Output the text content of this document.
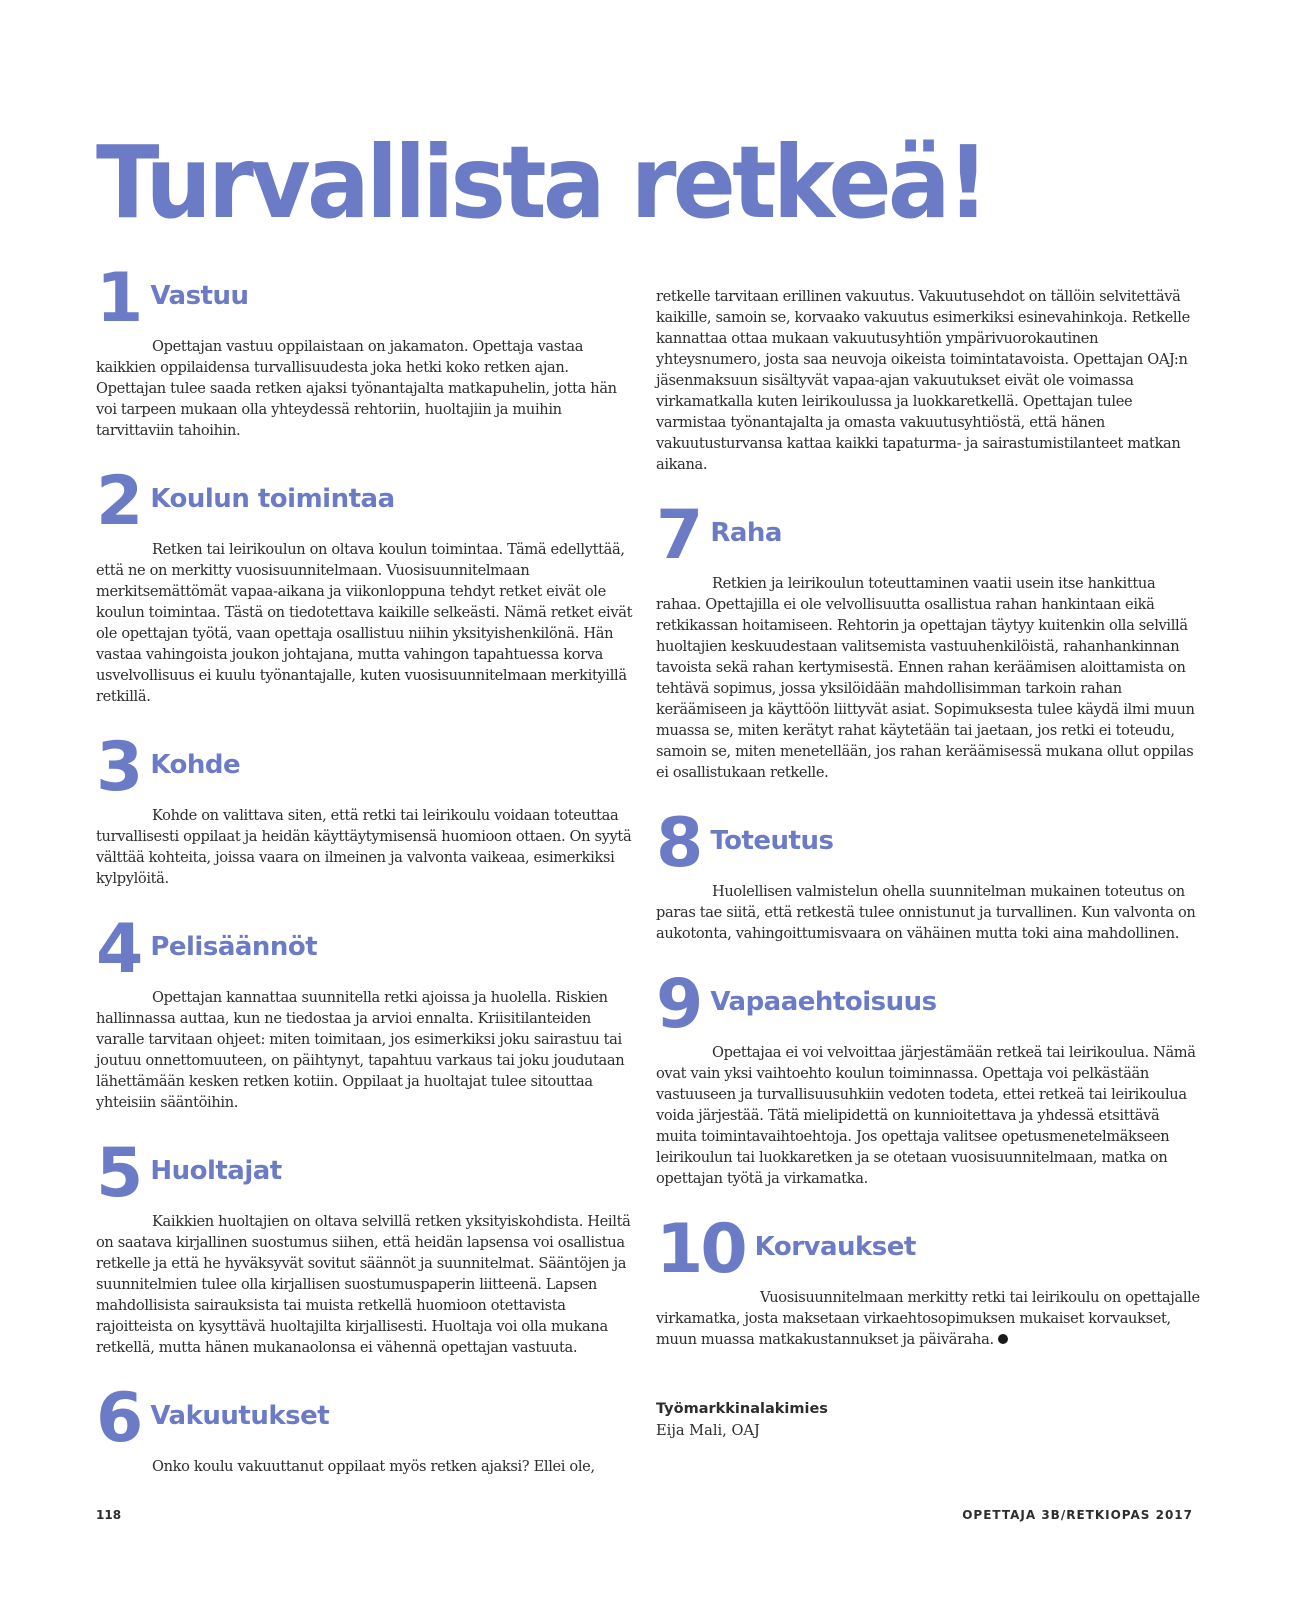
Turvallista retkeä!
1 Vastuu

Opettajan vastuu oppilaistaan on jakamaton. Opettaja vastaa kaikkien oppilaidensa turvallisuudesta joka hetki koko retken ajan. Opettajan tulee saada retken ajaksi työnantajalta matkapuhelin, jotta hän voi tarpeen mukaan olla yhteydessä rehtoriin, huoltajiin ja muihin tarvittaviin tahoihin.

2 Koulun toimintaa

Retken tai leirikoulun on oltava koulun toimintaa. Tämä edellyttää, että ne on merkitty vuosisuunnitelmaan. Vuosisuunnitelmaan merkitsemättömät vapaa-aikana ja viikonloppuna tehdyt retket eivät ole koulun toimintaa. Tästä on tiedotettava kaikille selkeästi. Nämä retket eivät ole opettajan työtä, vaan opettaja osallistuu niihin yksityishenkilönä. Hän vastaa vahingoista joukon johtajana, mutta vahingon tapahtuessa korva usvelvollisuus ei kuulu työnantajalle, kuten vuosisuunnitelmaan merkityillä retkillä.

3 Kohde

Kohde on valittava siten, että retki tai leirikoulu voidaan toteuttaa turvallisesti oppilaat ja heidän käyttäytymisensä huomioon ottaen. On syytä välttää kohteita, joissa vaara on ilmeinen ja valvonta vaikeaa, esimerkiksi kylpylöitä.

4 Pelisäännöt

Opettajan kannattaa suunnitella retki ajoissa ja huolella. Riskien hallinnassa auttaa, kun ne tiedostaa ja arvioi ennalta. Kriisitilanteiden varalle tarvitaan ohjeet: miten toimitaan, jos esimerkiksi joku sairastuu tai joutuu onnettomuuteen, on päihtynyt, tapahtuu varkaus tai joku joudutaan lähettämään kesken retken kotiin. Oppilaat ja huoltajat tulee sitouttaa yhteisiin sääntöihin.

5 Huoltajat

Kaikkien huoltajien on oltava selvillä retken yksityiskohdista. Heiltä on saatava kirjallinen suostumus siihen, että heidän lapsensa voi osallistua retkelle ja että he hyväksyvät sovitut säännöt ja suunnitelmat. Sääntöjen ja suunnitelmien tulee olla kirjallisen suostumuspaperin liitteenä. Lapsen mahdollisista sairauksista tai muista retkellä huomioon otettavista rajoitteista on kysyttävä huoltajilta kirjallisesti. Huoltaja voi olla mukana retkellä, mutta hänen mukanaolonsa ei vähennä opettajan vastuuta.

6 Vakuutukset

Onko koulu vakuuttanut oppilaat myös retken ajaksi? Ellei ole,

retkelle tarvitaan erillinen vakuutus. Vakuutusehdot on tällöin selvitettävä kaikille, samoin se, korvaako vakuutus esimerkiksi esinevahinkoja. Retkelle kannattaa ottaa mukaan vakuutusyhtiön ympärivuorokautinen yhteysnumero, josta saa neuvoja oikeista toimintatavoista. Opettajan OAJ:n jäsenmaksuun sisältyvät vapaa-ajan vakuutukset eivät ole voimassa virkamatkalla kuten leirikoulussa ja luokkaretkellä. Opettajan tulee varmistaa työnantajalta ja omasta vakuutusyhtiöstä, että hänen vakuutusturvansa kattaa kaikki tapaturma- ja sairastumistilanteet matkan aikana.

7 Raha

Retkien ja leirikoulun toteuttaminen vaatii usein itse hankittua rahaa. Opettajilla ei ole velvollisuutta osallistua rahan hankintaan eikä retkikassan hoitamiseen. Rehtorin ja opettajan täytyy kuitenkin olla selvillä huoltajien keskuudestaan valitsemista vastuuhenkilöistä, rahanhankinnan tavoista sekä rahan kertymisestä. Ennen rahan keräämisen aloittamista on tehtävä sopimus, jossa yksilöidään mahdollisimman tarkoin rahan keräämiseen ja käyttöön liittyvät asiat. Sopimuksesta tulee käydä ilmi muun muassa se, miten kerätyt rahat käytetään tai jaetaan, jos retki ei toteudu, samoin se, miten menetellään, jos rahan keräämisessä mukana ollut oppilas ei osallistukaan retkelle.

8 Toteutus

Huolellisen valmistelun ohella suunnitelman mukainen toteutus on paras tae siitä, että retkestä tulee onnistunut ja turvallinen. Kun valvonta on aukotonta, vahingoittumisvaara on vähäinen mutta toki aina mahdollinen.

9 Vapaaehtoisuus

Opettajaa ei voi velvoittaa järjestämään retkeä tai leirikoulua. Nämä ovat vain yksi vaihtoehto koulun toiminnassa. Opettaja voi pelkästään vastuuseen ja turvallisuusuhkiin vedoten todeta, ettei retkeä tai leirikoulua voida järjestää. Tätä mielipidettä on kunnioitettava ja yhdessä etsittävä muita toimintavaihtoehtoja. Jos opettaja valitsee opetusmenetelmäkseen leirikoulun tai luokkaretken ja se otetaan vuosisuunnitelmaan, matka on opettajan työtä ja virkamatka.

10 Korvaukset

Vuosisuunnitelmaan merkitty retki tai leirikoulu on opettajalle virkamatka, josta maksetaan virkaehtosopimuksen mukaiset korvaukset, muun muassa matkakustannukset ja päiväraha.

Työmarkkinalakimies
Eija Mali, OAJ
118	OPETTAJA 3B/RETKIOPAS 2017
